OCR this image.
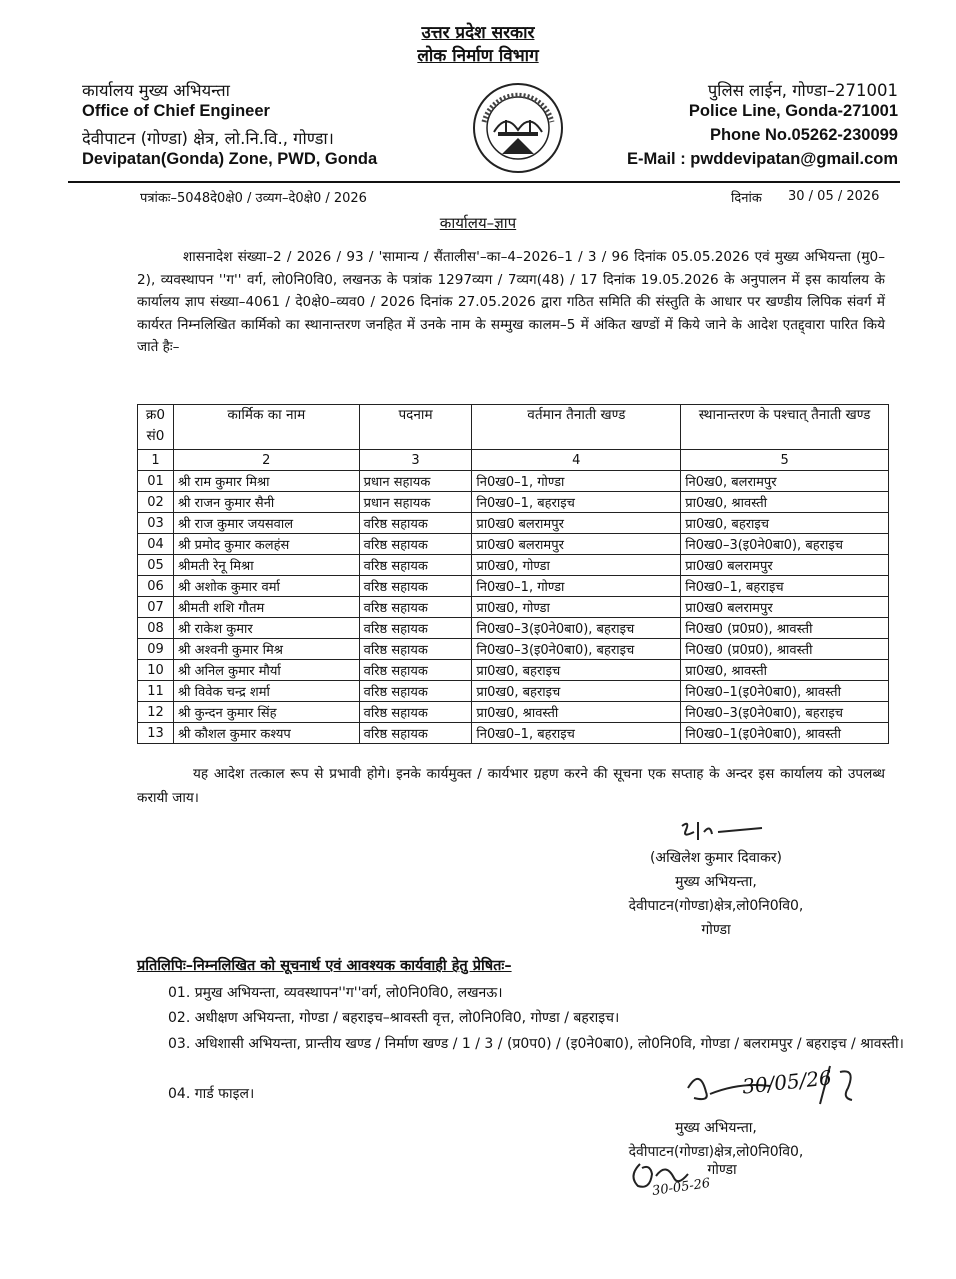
उत्तर प्रदेश सरकार
लोक निर्माण विभाग
कार्यालय मुख्य अभियन्ता
Office of Chief Engineer
देवीपाटन (गोण्डा) क्षेत्र, लो.नि.वि., गोण्डा।
Devipatan(Gonda) Zone, PWD, Gonda
पुलिस लाईन, गोण्डा–271001
Police Line, Gonda-271001
Phone No.05262-230099
E-Mail : pwddevipatan@gmail.com
पत्रांकः–5048दे0क्षे0 / उव्यग–दे0क्षे0 / 2026	दिनांक 30 / 05 / 2026
कार्यालय–ज्ञाप
शासनादेश संख्या–2 / 2026 / 93 / 'सामान्य / सैंतालीस'–का–4–2026–1 / 3 / 96 दिनांक 05.05.2026 एवं मुख्य अभियन्ता (मु0–2), व्यवस्थापन ''ग'' वर्ग, लो0नि0वि0, लखनऊ के पत्रांक 1297व्यग / 7व्यग(48) / 17 दिनांक 19.05.2026 के अनुपालन में इस कार्यालय के कार्यालय ज्ञाप संख्या–4061 / दे0क्षे0–व्यव0 / 2026 दिनांक 27.05.2026 द्वारा गठित समिति की संस्तुति के आधार पर खण्डीय लिपिक संवर्ग में कार्यरत निम्नलिखित कार्मिको का स्थानान्तरण जनहित में उनके नाम के सम्मुख कालम–5 में अंकित खण्डों में किये जाने के आदेश एतद्द्वारा पारित किये जाते हैः–
क्र0 सं0	कार्मिक का नाम	पदनाम	वर्तमान तैनाती खण्ड	स्थानान्तरण के पश्चात् तैनाती खण्ड
1	2	3	4	5
01	श्री राम कुमार मिश्रा	प्रधान सहायक	नि0ख0–1, गोण्डा	नि0ख0, बलरामपुर
02	श्री राजन कुमार सैनी	प्रधान सहायक	नि0ख0–1, बहराइच	प्रा0ख0, श्रावस्ती
03	श्री राज कुमार जयसवाल	वरिष्ठ सहायक	प्रा0ख0 बलरामपुर	प्रा0ख0, बहराइच
04	श्री प्रमोद कुमार कलहंस	वरिष्ठ सहायक	प्रा0ख0 बलरामपुर	नि0ख0–3(इ0ने0बा0), बहराइच
05	श्रीमती रेनू मिश्रा	वरिष्ठ सहायक	प्रा0ख0, गोण्डा	प्रा0ख0 बलरामपुर
06	श्री अशोक कुमार वर्मा	वरिष्ठ सहायक	नि0ख0–1, गोण्डा	नि0ख0–1, बहराइच
07	श्रीमती शशि गौतम	वरिष्ठ सहायक	प्रा0ख0, गोण्डा	प्रा0ख0 बलरामपुर
08	श्री राकेश कुमार	वरिष्ठ सहायक	नि0ख0–3(इ0ने0बा0), बहराइच	नि0ख0 (प्र0प्र0), श्रावस्ती
09	श्री अश्वनी कुमार मिश्र	वरिष्ठ सहायक	नि0ख0–3(इ0ने0बा0), बहराइच	नि0ख0 (प्र0प्र0), श्रावस्ती
10	श्री अनिल कुमार मौर्या	वरिष्ठ सहायक	प्रा0ख0, बहराइच	प्रा0ख0, श्रावस्ती
11	श्री विवेक चन्द्र शर्मा	वरिष्ठ सहायक	प्रा0ख0, बहराइच	नि0ख0–1(इ0ने0बा0), श्रावस्ती
12	श्री कुन्दन कुमार सिंह	वरिष्ठ सहायक	प्रा0ख0, श्रावस्ती	नि0ख0–3(इ0ने0बा0), बहराइच
13	श्री कौशल कुमार कश्यप	वरिष्ठ सहायक	नि0ख0–1, बहराइच	नि0ख0–1(इ0ने0बा0), श्रावस्ती
यह आदेश तत्काल रूप से प्रभावी होगे। इनके कार्यमुक्त / कार्यभार ग्रहण करने की सूचना एक सप्ताह के अन्दर इस कार्यालय को उपलब्ध करायी जाय।
(अखिलेश कुमार दिवाकर)
मुख्य अभियन्ता,
देवीपाटन(गोण्डा)क्षेत्र,लो0नि0वि0,
गोण्डा
प्रतिलिपिः–निम्नलिखित को सूचनार्थ एवं आवश्यक कार्यवाही हेतु प्रेषितः–
01. प्रमुख अभियन्ता, व्यवस्थापन''ग''वर्ग, लो0नि0वि0, लखनऊ।
02. अधीक्षण अभियन्ता, गोण्डा / बहराइच–श्रावस्ती वृत्त, लो0नि0वि0, गोण्डा / बहराइच।
03. अधिशासी अभियन्ता, प्रान्तीय खण्ड / निर्माण खण्ड / 1 / 3 / (प्र0प0) / (इ0ने0बा0), लो0नि0वि, गोण्डा / बलरामपुर / बहराइच / श्रावस्ती।
04. गार्ड फाइल।	30/05/26
मुख्य अभियन्ता,
देवीपाटन(गोण्डा)क्षेत्र,लो0नि0वि0,
30-05-26
गोण्डा
